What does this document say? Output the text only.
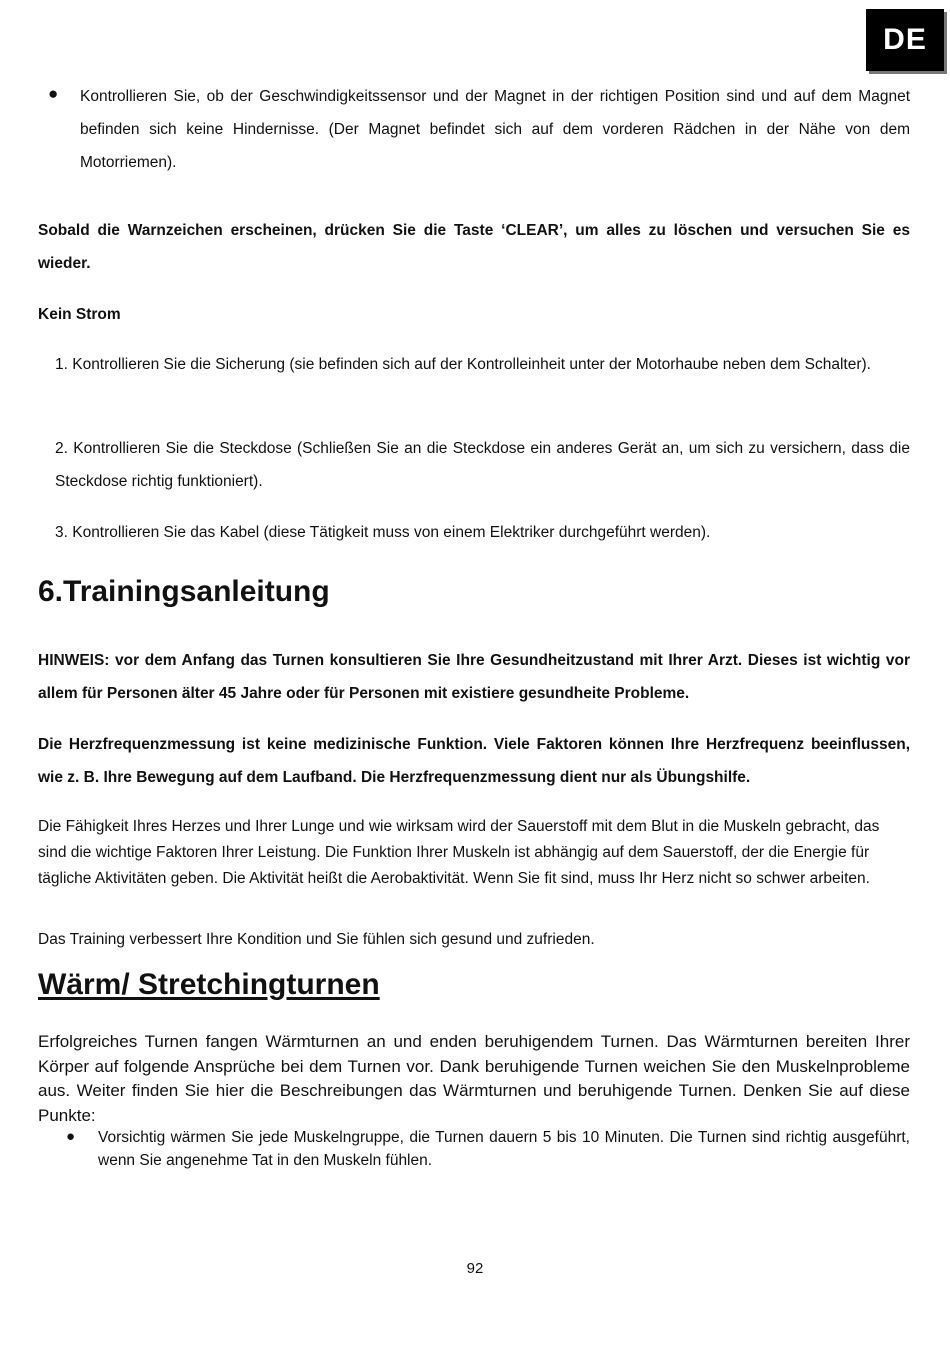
DE
● Kontrollieren Sie, ob der Geschwindigkeitssensor und der Magnet in der richtigen Position sind und auf dem Magnet befinden sich keine Hindernisse. (Der Magnet befindet sich auf dem vorderen Rädchen in der Nähe von dem Motorriemen).

Sobald die Warnzeichen erscheinen, drücken Sie die Taste ‘CLEAR’, um alles zu löschen und versuchen Sie es wieder.

Kein Strom

1. Kontrollieren Sie die Sicherung (sie befinden sich auf der Kontrolleinheit unter der Motorhaube neben dem Schalter).

2. Kontrollieren Sie die Steckdose (Schließen Sie an die Steckdose ein anderes Gerät an, um sich zu versichern, dass die Steckdose richtig funktioniert).

3. Kontrollieren Sie das Kabel (diese Tätigkeit muss von einem Elektriker durchgeführt werden).

6.Trainingsanleitung

HINWEIS: vor dem Anfang das Turnen konsultieren Sie Ihre Gesundheitzustand mit Ihrer Arzt. Dieses ist wichtig vor allem für Personen älter 45 Jahre oder für Personen mit existiere gesundheite Probleme.

Die Herzfrequenzmessung ist keine medizinische Funktion. Viele Faktoren können Ihre Herzfrequenz beeinflussen, wie z. B. Ihre Bewegung auf dem Laufband. Die Herzfrequenzmessung dient nur als Übungshilfe.

Die Fähigkeit Ihres Herzes und Ihrer Lunge und wie wirksam wird der Sauerstoff mit dem Blut in die Muskeln gebracht, das sind die wichtige Faktoren Ihrer Leistung. Die Funktion Ihrer Muskeln ist abhängig auf dem Sauerstoff, der die Energie für tägliche Aktivitäten geben. Die Aktivität heißt die Aerobaktivität. Wenn Sie fit sind, muss Ihr Herz nicht so schwer arbeiten.

Das Training verbessert Ihre Kondition und Sie fühlen sich gesund und zufrieden.

Wärm/ Stretchingturnen

Erfolgreiches Turnen fangen Wärmturnen an und enden beruhigendem Turnen. Das Wärmturnen bereiten Ihrer Körper auf folgende Ansprüche bei dem Turnen vor. Dank beruhigende Turnen weichen Sie den Muskelnprobleme aus. Weiter finden Sie hier die Beschreibungen das Wärmturnen und beruhigende Turnen. Denken Sie auf diese Punkte:

● Vorsichtig wärmen Sie jede Muskelngruppe, die Turnen dauern 5 bis 10 Minuten. Die Turnen sind richtig ausgeführt, wenn Sie angenehme Tat in den Muskeln fühlen.

92
